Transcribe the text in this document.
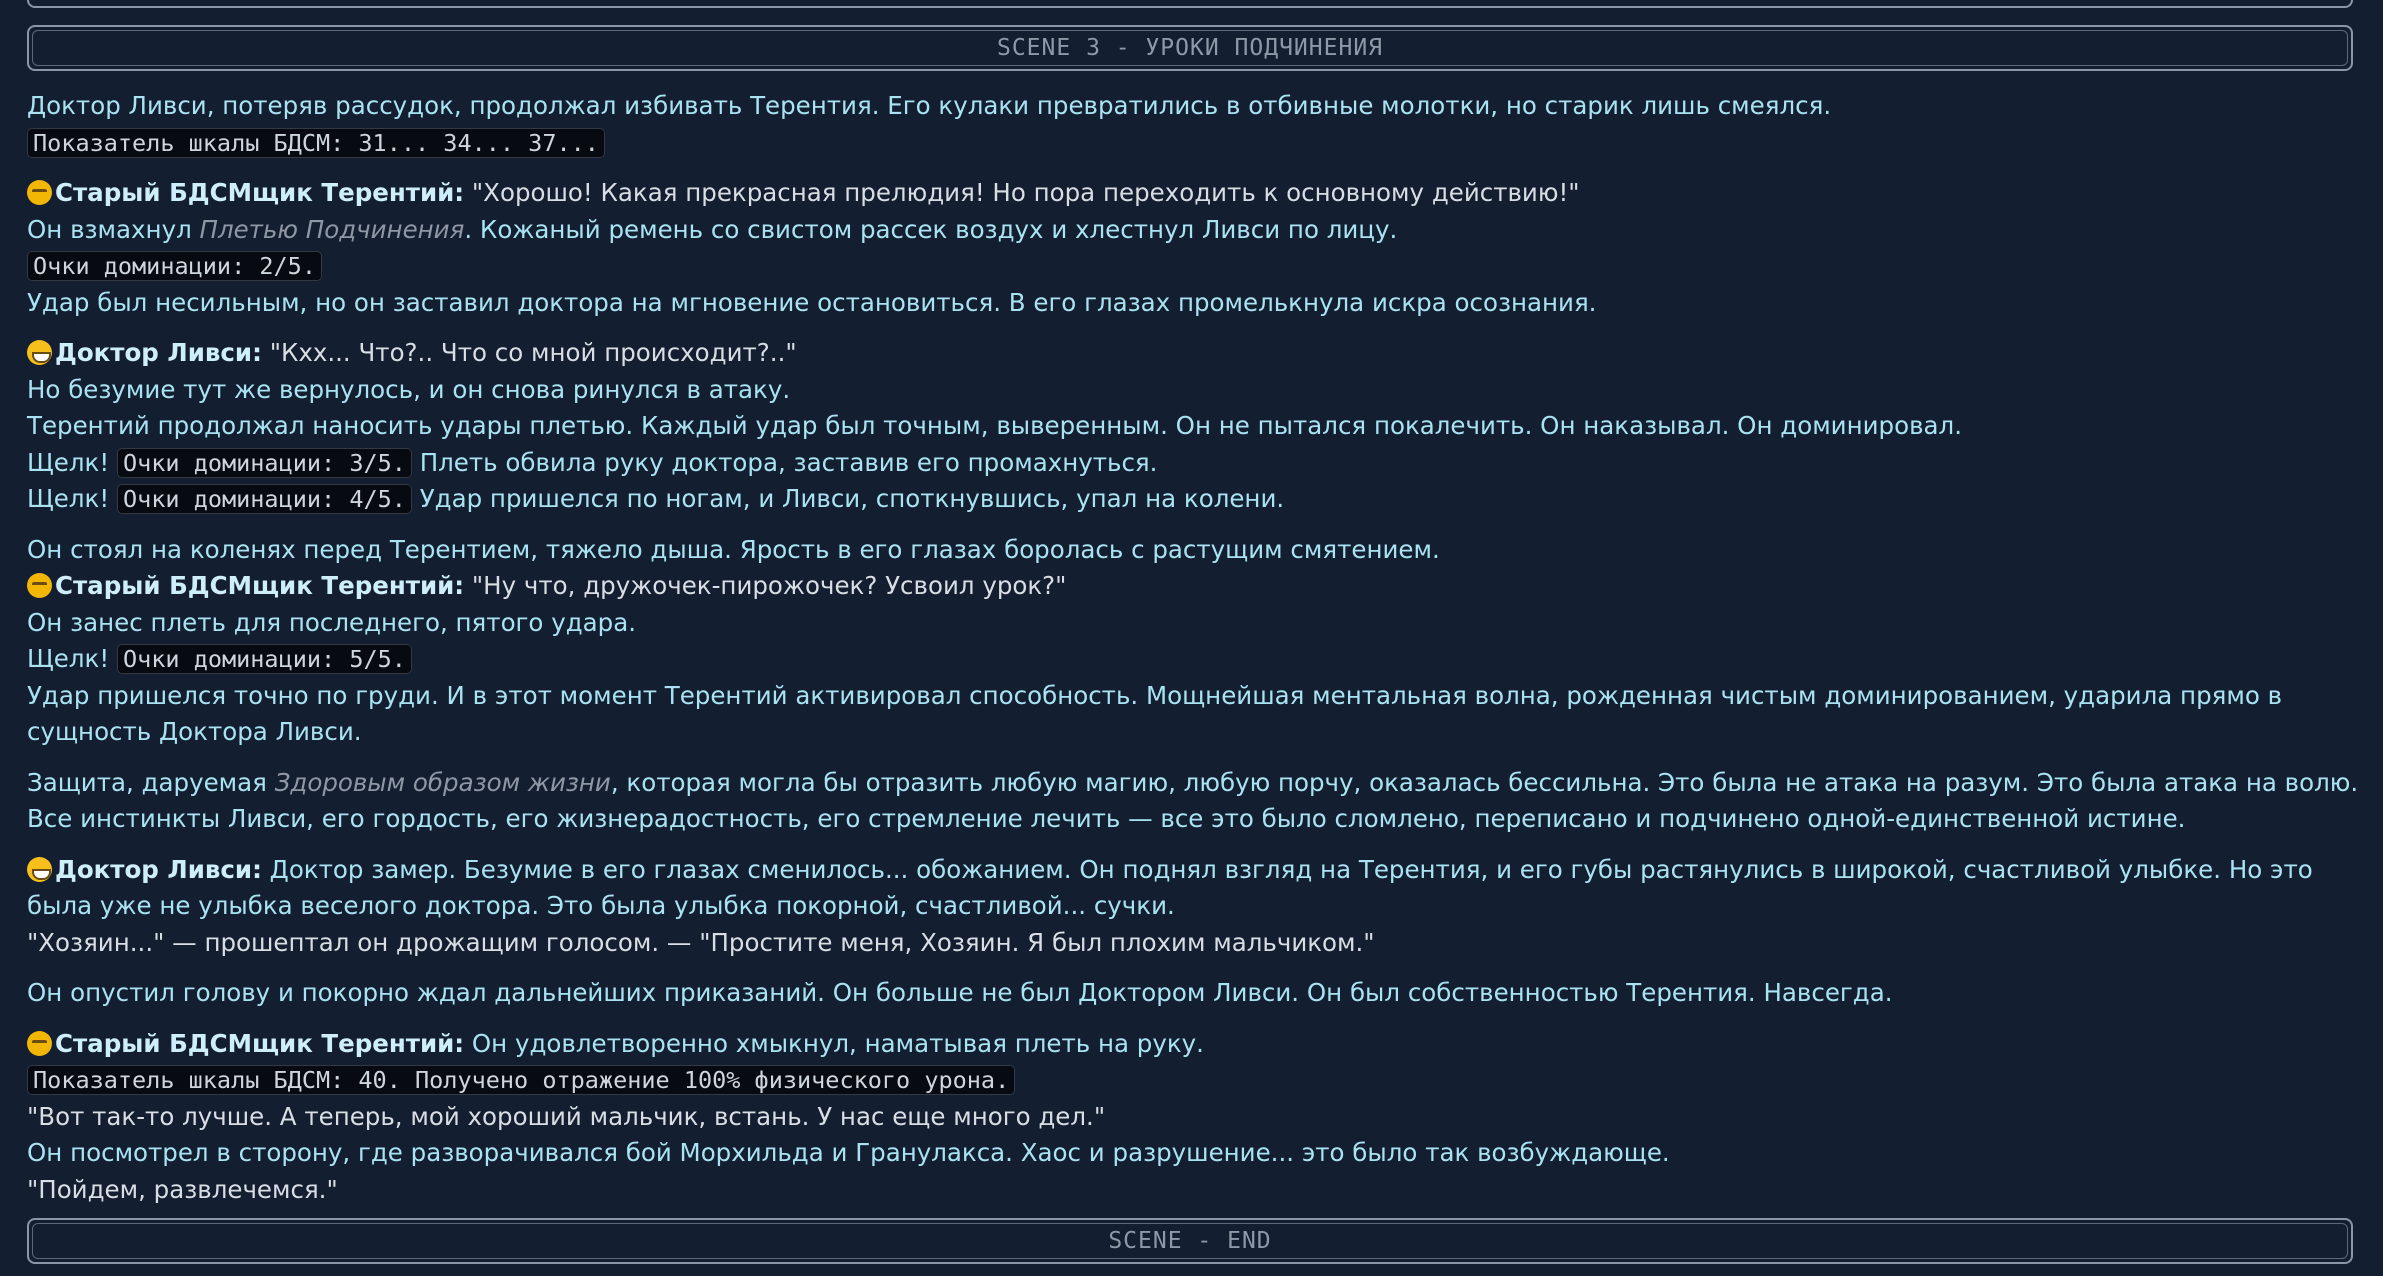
SCENE 3 - УРОКИ ПОДЧИНЕНИЯ
Доктор Ливси, потеряв рассудок, продолжал избивать Терентия. Его кулаки превратились в отбивные молотки, но старик лишь смеялся.
Показатель шкалы БДСМ: 31... 34... 37...
Старый БДСМщик Терентий: "Хорошо! Какая прекрасная прелюдия! Но пора переходить к основному действию!"
Он взмахнул Плетью Подчинения. Кожаный ремень со свистом рассек воздух и хлестнул Ливси по лицу.
Очки доминации: 2/5.
Удар был несильным, но он заставил доктора на мгновение остановиться. В его глазах промелькнула искра осознания.
Доктор Ливси: "Кхх... Что?.. Что со мной происходит?.."
Но безумие тут же вернулось, и он снова ринулся в атаку.
Терентий продолжал наносить удары плетью. Каждый удар был точным, выверенным. Он не пытался покалечить. Он наказывал. Он доминировал.
Щелк! Очки доминации: 3/5. Плеть обвила руку доктора, заставив его промахнуться.
Щелк! Очки доминации: 4/5. Удар пришелся по ногам, и Ливси, споткнувшись, упал на колени.
Он стоял на коленях перед Терентием, тяжело дыша. Ярость в его глазах боролась с растущим смятением.
Старый БДСМщик Терентий: "Ну что, дружочек-пирожочек? Усвоил урок?"
Он занес плеть для последнего, пятого удара.
Щелк! Очки доминации: 5/5.
Удар пришелся точно по груди. И в этот момент Терентий активировал способность. Мощнейшая ментальная волна, рожденная чистым доминированием, ударила прямо в сущность Доктора Ливси.
Защита, даруемая Здоровым образом жизни, которая могла бы отразить любую магию, любую порчу, оказалась бессильна. Это была не атака на разум. Это была атака на волю.
Все инстинкты Ливси, его гордость, его жизнерадостность, его стремление лечить — все это было сломлено, переписано и подчинено одной-единственной истине.
Доктор Ливси: Доктор замер. Безумие в его глазах сменилось... обожанием. Он поднял взгляд на Терентия, и его губы растянулись в широкой, счастливой улыбке. Но это была уже не улыбка веселого доктора. Это была улыбка покорной, счастливой... сучки.
"Хозяин..." — прошептал он дрожащим голосом. — "Простите меня, Хозяин. Я был плохим мальчиком."
Он опустил голову и покорно ждал дальнейших приказаний. Он больше не был Доктором Ливси. Он был собственностью Терентия. Навсегда.
Старый БДСМщик Терентий: Он удовлетворенно хмыкнул, наматывая плеть на руку.
Показатель шкалы БДСМ: 40. Получено отражение 100% физического урона.
"Вот так-то лучше. А теперь, мой хороший мальчик, встань. У нас еще много дел."
Он посмотрел в сторону, где разворачивался бой Морхильда и Гранулакса. Хаос и разрушение... это было так возбуждающе.
"Пойдем, развлечемся."
SCENE - END
